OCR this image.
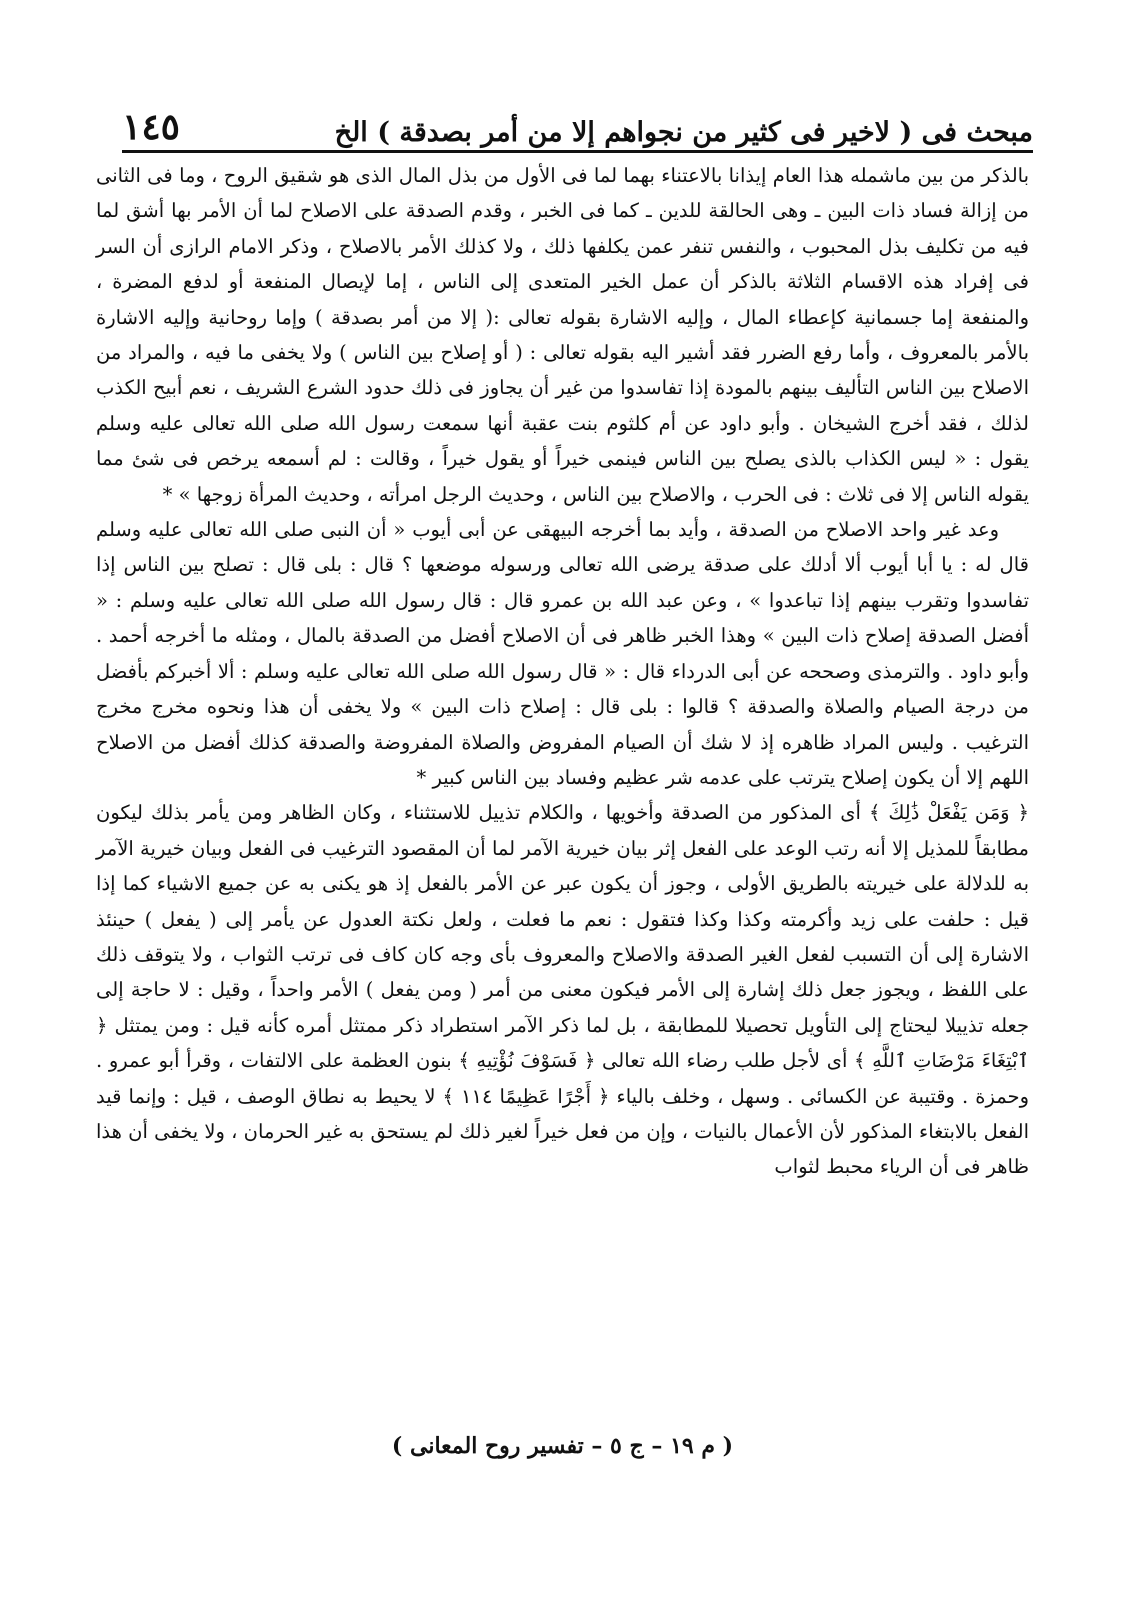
مبحث فى ( لاخير فى كثير من نجواهم إلا من أمر بصدقة ) الخ
١٤٥

بالذكر من بين ماشمله هذا العام إيذانا بالاعتناء بهما لما فى الأول من بذل المال الذى هو شقيق الروح ، وما فى الثانى من إزالة فساد ذات البين ـ وهى الحالقة للدين ـ كما فى الخبر ، وقدم الصدقة على الاصلاح لما أن الأمر بها أشق لما فيه من تكليف بذل المحبوب ، والنفس تنفر عمن يكلفها ذلك ، ولا كذلك الأمر بالاصلاح ، وذكر الامام الرازى أن السر فى إفراد هذه الاقسام الثلاثة بالذكر أن عمل الخير المتعدى إلى الناس ، إما لإيصال المنفعة أو لدفع المضرة ، والمنفعة إما جسمانية كإعطاء المال ، وإليه الاشارة بقوله تعالى :( إلا من أمر بصدقة ) وإما روحانية وإليه الاشارة بالأمر بالمعروف ، وأما رفع الضرر فقد أشير اليه بقوله تعالى : ( أو إصلاح بين الناس ) ولا يخفى ما فيه ، والمراد من الاصلاح بين الناس التأليف بينهم بالمودة إذا تفاسدوا من غير أن يجاوز فى ذلك حدود الشرع الشريف ، نعم أبيح الكذب لذلك ، فقد أخرج الشيخان . وأبو داود عن أم كلثوم بنت عقبة أنها سمعت رسول الله صلى الله تعالى عليه وسلم يقول : « ليس الكذاب بالذى يصلح بين الناس فينمى خيراً أو يقول خيراً ، وقالت : لم أسمعه يرخص فى شئ مما يقوله الناس إلا فى ثلاث : فى الحرب ، والاصلاح بين الناس ، وحديث الرجل امرأته ، وحديث المرأة زوجها » *

وعد غير واحد الاصلاح من الصدقة ، وأيد بما أخرجه البيهقى عن أبى أيوب « أن النبى صلى الله تعالى عليه وسلم قال له : يا أبا أيوب ألا أدلك على صدقة يرضى الله تعالى ورسوله موضعها ؟ قال : بلى قال : تصلح بين الناس إذا تفاسدوا وتقرب بينهم إذا تباعدوا » ، وعن عبد الله بن عمرو قال : قال رسول الله صلى الله تعالى عليه وسلم : « أفضل الصدقة إصلاح ذات البين » وهذا الخبر ظاهر فى أن الاصلاح أفضل من الصدقة بالمال ، ومثله ما أخرجه أحمد . وأبو داود . والترمذى وصححه عن أبى الدرداء قال : « قال رسول الله صلى الله تعالى عليه وسلم : ألا أخبركم بأفضل من درجة الصيام والصلاة والصدقة ؟ قالوا : بلى قال : إصلاح ذات البين » ولا يخفى أن هذا ونحوه مخرج مخرج الترغيب . وليس المراد ظاهره إذ لا شك أن الصيام المفروض والصلاة المفروضة والصدقة كذلك أفضل من الاصلاح اللهم إلا أن يكون إصلاح يترتب على عدمه شر عظيم وفساد بين الناس كبير *

﴿ وَمَن يَفْعَلْ ذَٰلِكَ ﴾ أى المذكور من الصدقة وأخويها ، والكلام تذييل للاستثناء ، وكان الظاهر ومن يأمر بذلك ليكون مطابقاً للمذيل إلا أنه رتب الوعد على الفعل إثر بيان خيرية الآمر لما أن المقصود الترغيب فى الفعل وبيان خيرية الآمر به للدلالة على خيريته بالطريق الأولى ، وجوز أن يكون عبر عن الأمر بالفعل إذ هو يكنى به عن جميع الاشياء كما إذا قيل : حلفت على زيد وأكرمته وكذا وكذا فتقول : نعم ما فعلت ، ولعل نكتة العدول عن يأمر إلى ( يفعل ) حينئذ الاشارة إلى أن التسبب لفعل الغير الصدقة والاصلاح والمعروف بأى وجه كان كاف فى ترتب الثواب ، ولا يتوقف ذلك على اللفظ ، ويجوز جعل ذلك إشارة إلى الأمر فيكون معنى من أمر ( ومن يفعل ) الأمر واحداً ، وقيل : لا حاجة إلى جعله تذييلا ليحتاج إلى التأويل تحصيلا للمطابقة ، بل لما ذكر الآمر استطراد ذكر ممتثل أمره كأنه قيل : ومن يمتثل ﴿ ٱبْتِغَاءَ مَرْضَاتِ ٱللَّهِ ﴾ أى لأجل طلب رضاء الله تعالى ﴿ فَسَوْفَ نُؤْتِيهِ ﴾ بنون العظمة على الالتفات ، وقرأ أبو عمرو . وحمزة . وقتيبة عن الكسائى . وسهل ، وخلف بالياء ﴿ أَجْرًا عَظِيمًا ١١٤ ﴾ لا يحيط به نطاق الوصف ، قيل : وإنما قيد الفعل بالابتغاء المذكور لأن الأعمال بالنيات ، وإن من فعل خيراً لغير ذلك لم يستحق به غير الحرمان ، ولا يخفى أن هذا ظاهر فى أن الرياء محبط لثواب

( م ١٩ – ج ٥ – تفسير روح المعانى )
